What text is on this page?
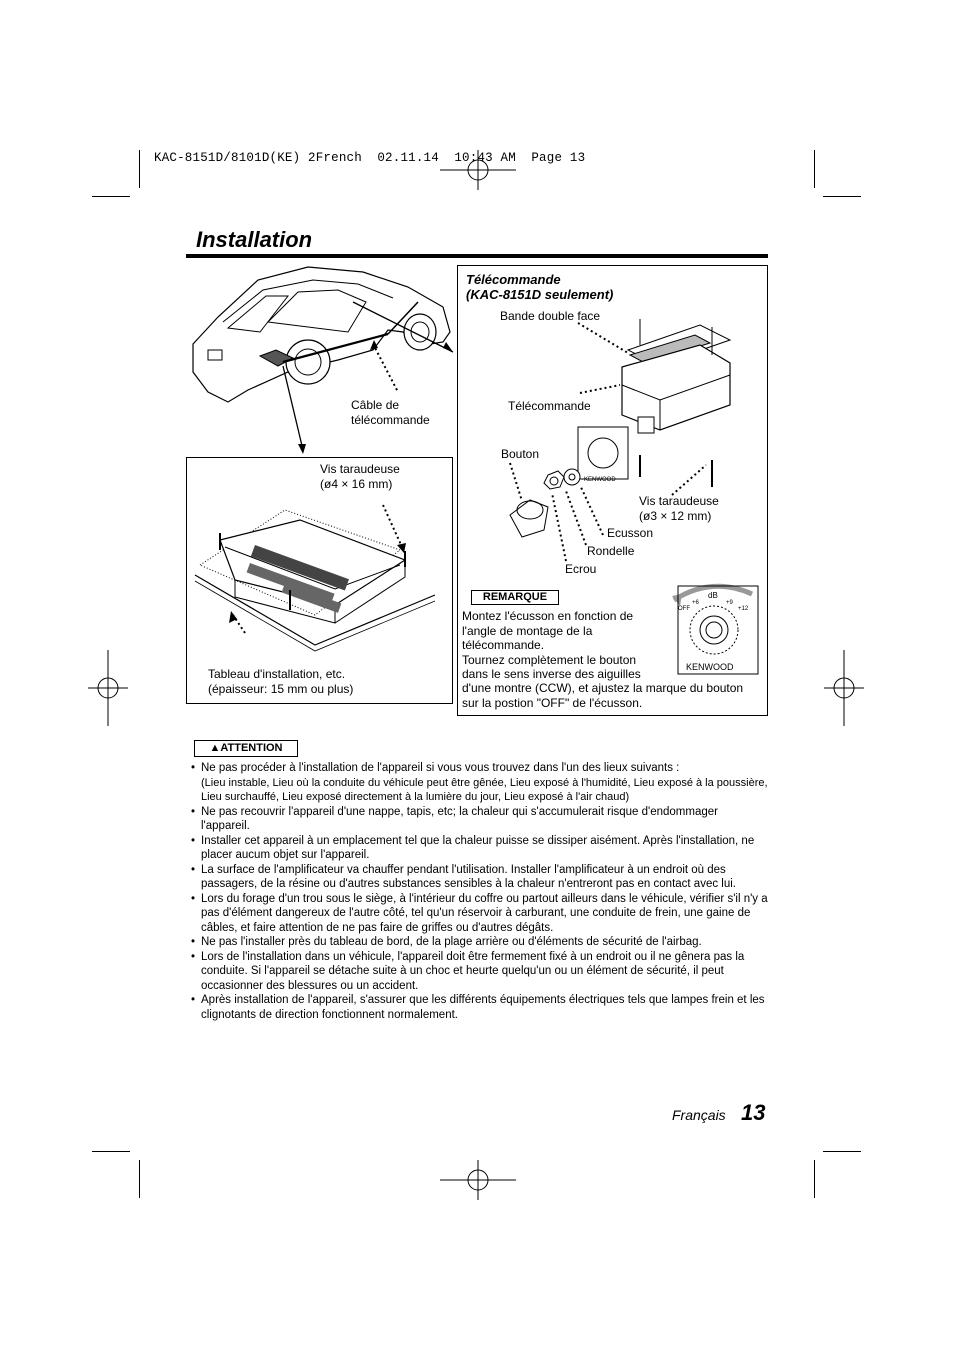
KAC-8151D/8101D(KE) 2French  02.11.14  10:43 AM  Page 13
Installation
Câble de
télécommande
Vis taraudeuse
(ø4 × 16 mm)
Tableau d'installation, etc.
(épaisseur: 15 mm ou plus)
Télécommande
(KAC-8151D seulement)
Bande double face
Télécommande
Bouton
Vis taraudeuse
(ø3 × 12 mm)
Ecusson
Rondelle
Ecrou
KENWOOD
REMARQUE
Montez l'écusson en fonction de l'angle de montage de la télécommande.
Tournez complètement le bouton dans le sens inverse des aiguilles
d'une montre (CCW), et ajustez la marque du bouton sur la postion "OFF" de l'écusson.
dB
+6	+9
OFF	+12
KENWOOD
▲ATTENTION
• Ne pas procéder à l'installation de l'appareil si vous vous trouvez dans l'un des lieux suivants :
(Lieu instable, Lieu où la conduite du véhicule peut être gênée, Lieu exposé à l'humidité, Lieu exposé à la poussière, Lieu surchauffé, Lieu exposé directement à la lumière du jour, Lieu exposé à l'air chaud)
• Ne pas recouvrir l'appareil d'une nappe, tapis, etc; la chaleur qui s'accumulerait risque d'endommager l'appareil.
• Installer cet appareil à un emplacement tel que la chaleur puisse se dissiper aisément. Après l'installation, ne placer aucum objet sur l'appareil.
• La surface de l'amplificateur va chauffer pendant l'utilisation. Installer l'amplificateur à un endroit où des passagers, de la résine ou d'autres substances sensibles à la chaleur n'entreront pas en contact avec lui.
• Lors du forage d'un trou sous le siège, à l'intérieur du coffre ou partout ailleurs dans le véhicule, vérifier s'il n'y a pas d'élément dangereux de l'autre côté, tel qu'un réservoir à carburant, une conduite de frein, une gaine de câbles, et faire attention de ne pas faire de griffes ou d'autres dégâts.
• Ne pas l'installer près du tableau de bord, de la plage arrière ou d'éléments de sécurité de l'airbag.
• Lors de l'installation dans un véhicule, l'appareil doit être fermement fixé à un endroit ou il ne gênera pas la conduite. Si l'appareil se détache suite à un choc et heurte quelqu'un ou un élément de sécurité, il peut occasionner des blessures ou un accident.
• Après installation de l'appareil, s'assurer que les différents équipements électriques tels que lampes frein et les clignotants de direction fonctionnent normalement.
Français 13
